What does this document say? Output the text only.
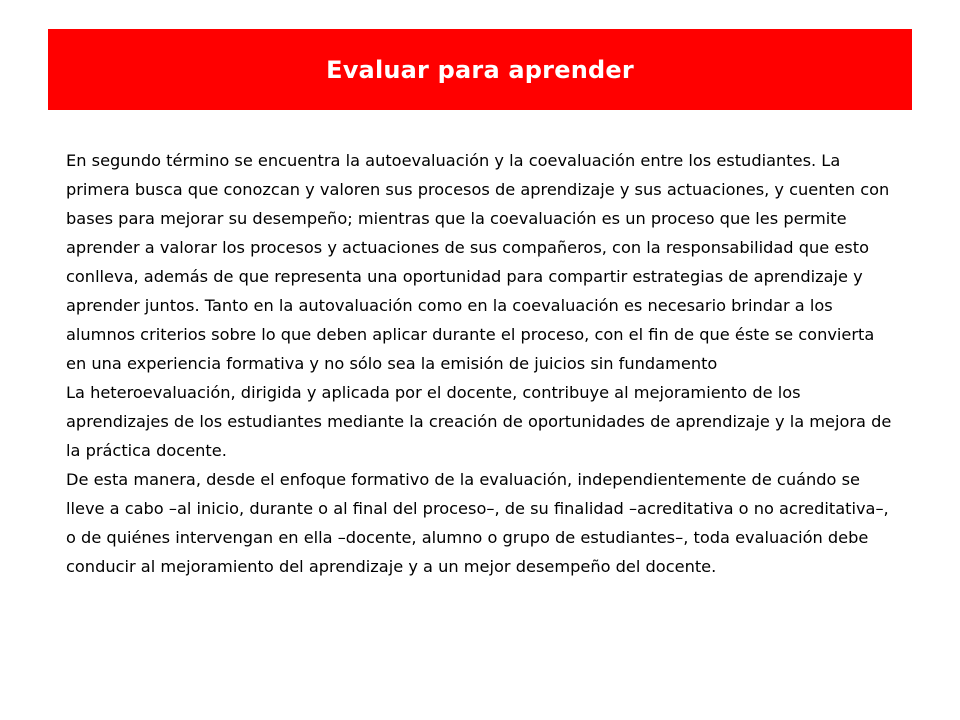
Evaluar para aprender

En segundo término se encuentra la autoevaluación y la coevaluación entre los estudiantes. La primera busca que conozcan y valoren sus procesos de aprendizaje y sus actuaciones, y cuenten con bases para mejorar su desempeño; mientras que la coevaluación es un proceso que les permite aprender a valorar los procesos y actuaciones de sus compañeros, con la responsabilidad que esto conlleva, además de que representa una oportunidad para compartir estrategias de aprendizaje y aprender juntos. Tanto en la autovaluación como en la coevaluación es necesario brindar a los alumnos criterios sobre lo que deben aplicar durante el proceso, con el fin de que éste se convierta en una experiencia formativa y no sólo sea la emisión de juicios sin fundamento

La heteroevaluación, dirigida y aplicada por el docente, contribuye al mejoramiento de los aprendizajes de los estudiantes mediante la creación de oportunidades de aprendizaje y la mejora de la práctica docente.

De esta manera, desde el enfoque formativo de la evaluación, independientemente de cuándo se lleve a cabo –al inicio, durante o al final del proceso–, de su finalidad –acreditativa o no acreditativa–, o de quiénes intervengan en ella –docente, alumno o grupo de estudiantes–, toda evaluación debe conducir al mejoramiento del aprendizaje y a un mejor desempeño del docente.
